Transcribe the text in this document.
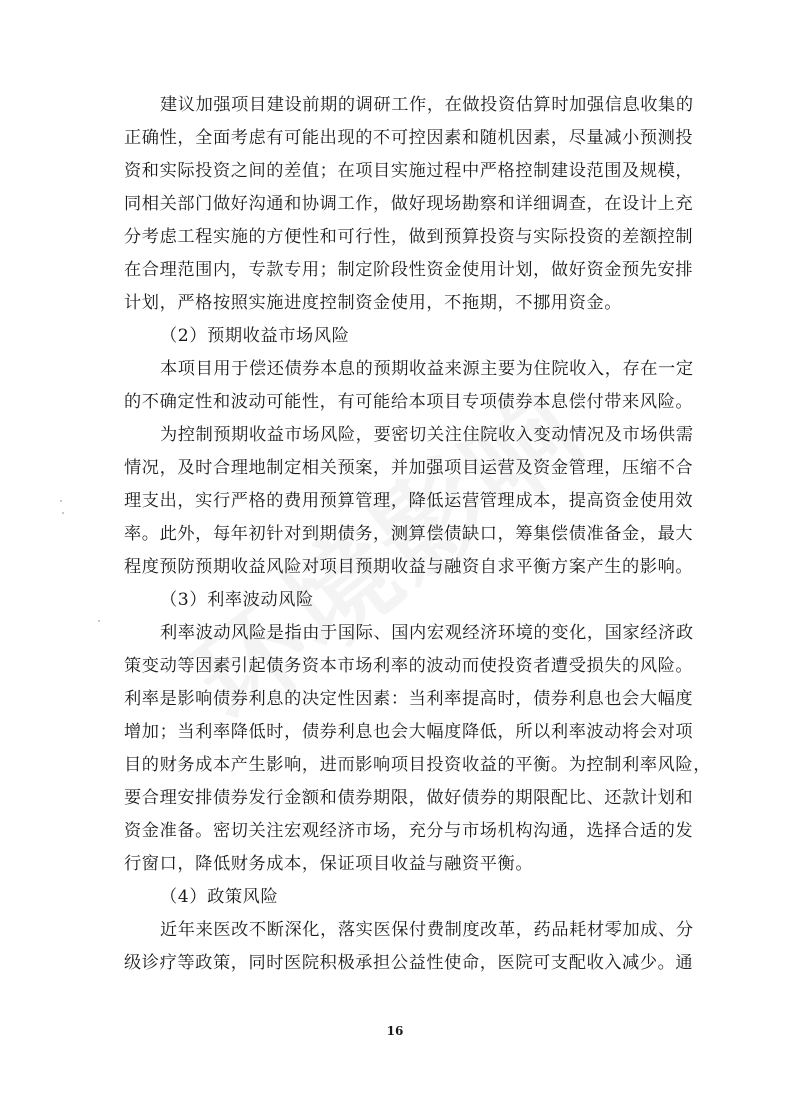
建议加强项目建设前期的调研工作，在做投资估算时加强信息收集的
正确性，全面考虑有可能出现的不可控因素和随机因素，尽量减小预测投
资和实际投资之间的差值；在项目实施过程中严格控制建设范围及规模，
同相关部门做好沟通和协调工作，做好现场勘察和详细调查，在设计上充
分考虑工程实施的方便性和可行性，做到预算投资与实际投资的差额控制
在合理范围内，专款专用；制定阶段性资金使用计划，做好资金预先安排
计划，严格按照实施进度控制资金使用，不拖期，不挪用资金。
（2）预期收益市场风险
本项目用于偿还债券本息的预期收益来源主要为住院收入，存在一定
的不确定性和波动可能性，有可能给本项目专项债券本息偿付带来风险。
为控制预期收益市场风险，要密切关注住院收入变动情况及市场供需
情况，及时合理地制定相关预案，并加强项目运营及资金管理，压缩不合
理支出，实行严格的费用预算管理，降低运营管理成本，提高资金使用效
率。此外，每年初针对到期债务，测算偿债缺口，筹集偿债准备金，最大
程度预防预期收益风险对项目预期收益与融资自求平衡方案产生的影响。
（3）利率波动风险
利率波动风险是指由于国际、国内宏观经济环境的变化，国家经济政
策变动等因素引起债务资本市场利率的波动而使投资者遭受损失的风险。
利率是影响债券利息的决定性因素：当利率提高时，债券利息也会大幅度
增加；当利率降低时，债券利息也会大幅度降低，所以利率波动将会对项
目的财务成本产生影响，进而影响项目投资收益的平衡。为控制利率风险，
要合理安排债券发行金额和债券期限，做好债券的期限配比、还款计划和
资金准备。密切关注宏观经济市场，充分与市场机构沟通，选择合适的发
行窗口，降低财务成本，保证项目收益与融资平衡。
（4）政策风险
近年来医改不断深化，落实医保付费制度改革，药品耗材零加成、分
级诊疗等政策，同时医院积极承担公益性使命，医院可支配收入减少。通
16
